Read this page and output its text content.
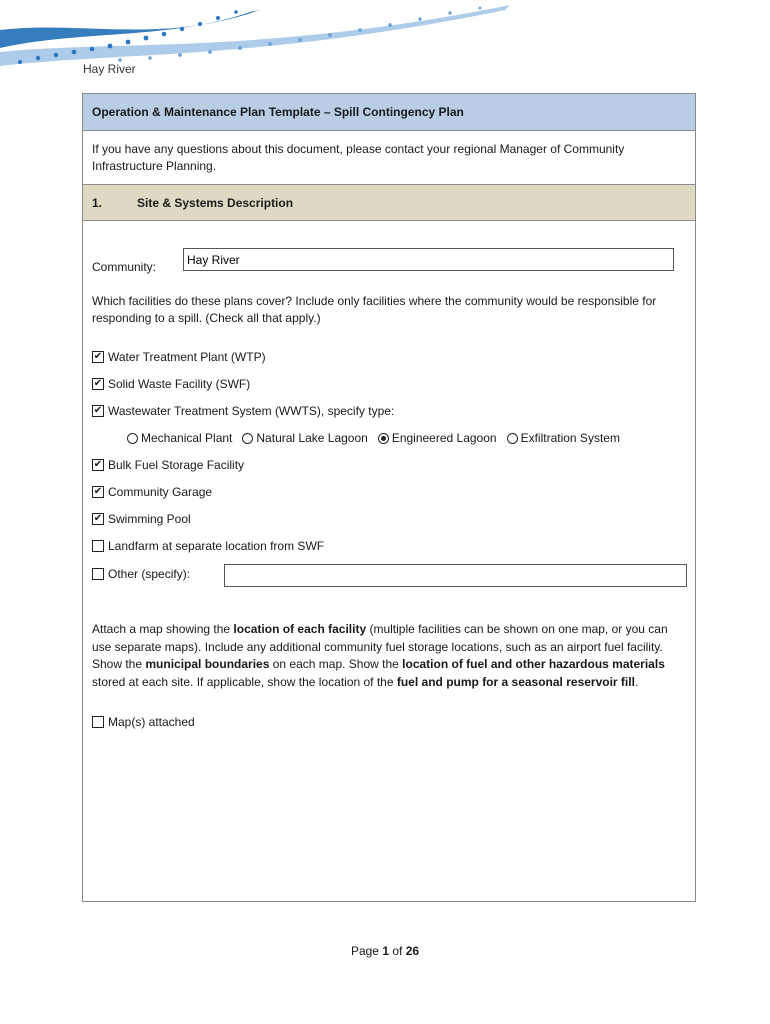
Hay River
Operation & Maintenance Plan Template – Spill Contingency Plan
If you have any questions about this document, please contact your regional Manager of Community Infrastructure Planning.
1.	Site & Systems Description
Community:
Hay River
Which facilities do these plans cover? Include only facilities where the community would be responsible for responding to a spill. (Check all that apply.)
✔ Water Treatment Plant (WTP)
✔ Solid Waste Facility (SWF)
✔ Wastewater Treatment System (WWTS), specify type:
Mechanical Plant Natural Lake Lagoon Engineered Lagoon Exfiltration System
✔ Bulk Fuel Storage Facility
✔ Community Garage
✔ Swimming Pool
Landfarm at separate location from SWF
Other (specify):
Attach a map showing the location of each facility (multiple facilities can be shown on one map, or you can use separate maps). Include any additional community fuel storage locations, such as an airport fuel facility. Show the municipal boundaries on each map. Show the location of fuel and other hazardous materials stored at each site. If applicable, show the location of the fuel and pump for a seasonal reservoir fill.
Map(s) attached
Page 1 of 26
